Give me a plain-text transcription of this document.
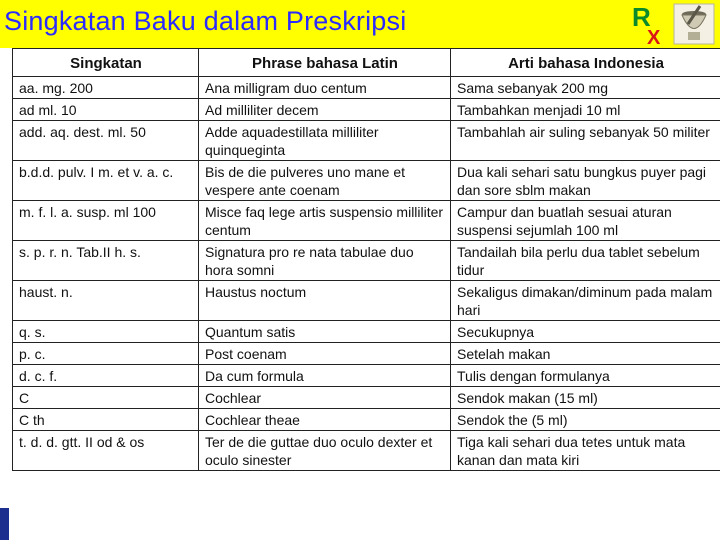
Singkatan Baku dalam Preskripsi	R
X
Singkatan	Phrase bahasa Latin	Arti bahasa Indonesia
aa. mg. 200	Ana milligram duo centum	Sama sebanyak 200 mg
ad ml. 10	Ad milliliter decem	Tambahkan menjadi 10 ml
add. aq. dest. ml. 50	Adde aquadestillata milliliter quinqueginta	Tambahlah air suling sebanyak 50 militer
b.d.d. pulv. I m. et v. a. c.	Bis de die pulveres uno mane et vespere ante coenam	Dua kali sehari satu bungkus puyer pagi dan sore sblm makan
m. f. l. a. susp. ml 100	Misce faq lege artis suspensio milliliter centum	Campur dan buatlah sesuai aturan suspensi sejumlah 100 ml
s. p. r. n. Tab.II h. s.	Signatura pro re nata tabulae duo hora somni	Tandailah bila perlu dua tablet sebelum tidur
haust. n.	Haustus noctum	Sekaligus dimakan/diminum pada malam hari
q. s.	Quantum satis	Secukupnya
p. c.	Post coenam	Setelah makan
d. c. f.	Da cum formula	Tulis dengan formulanya
C	Cochlear	Sendok makan (15 ml)
C th	Cochlear theae	Sendok the (5 ml)
t. d. d. gtt. II od & os	Ter de die guttae duo oculo dexter et oculo sinester	Tiga kali sehari dua tetes untuk mata kanan dan mata kiri
